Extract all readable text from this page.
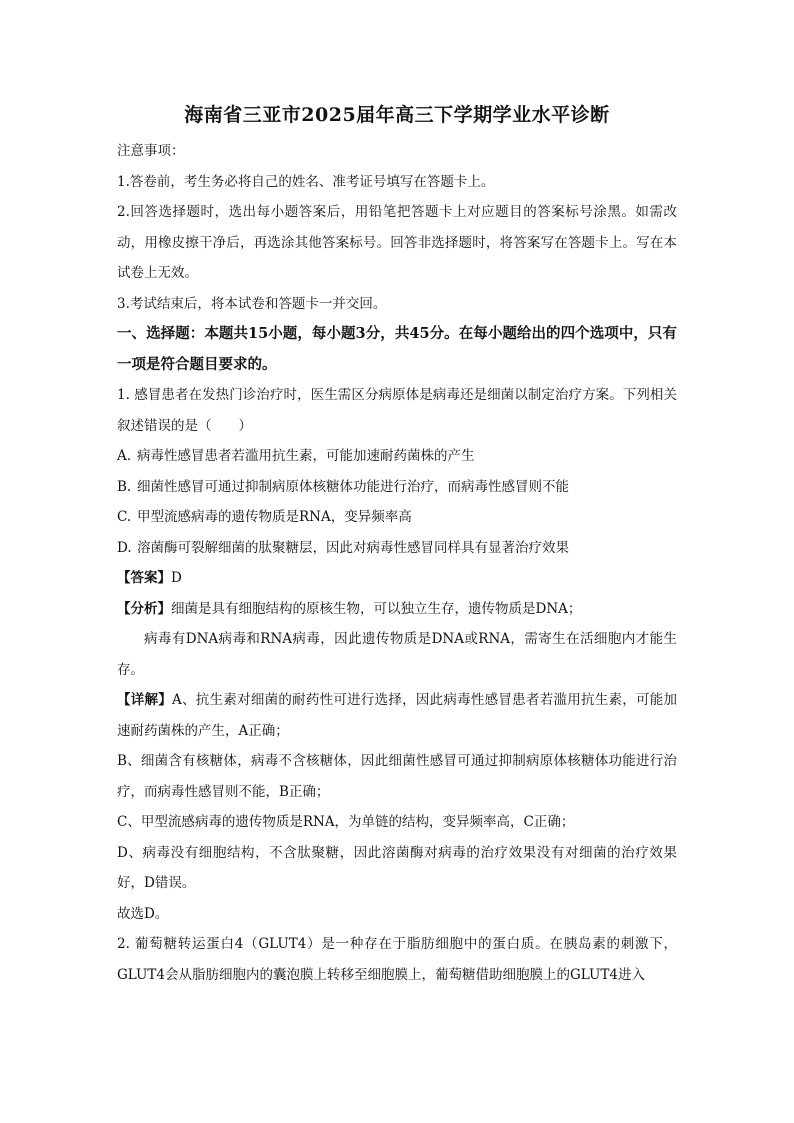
海南省三亚市2025届年高三下学期学业水平诊断
注意事项：
1.答卷前，考生务必将自己的姓名、准考证号填写在答题卡上。
2.回答选择题时，选出每小题答案后，用铅笔把答题卡上对应题目的答案标号涂黑。如需改动，用橡皮擦干净后，再选涂其他答案标号。回答非选择题时，将答案写在答题卡上。写在本试卷上无效。
3.考试结束后，将本试卷和答题卡一并交回。
一、选择题：本题共15小题，每小题3分，共45分。在每小题给出的四个选项中，只有一项是符合题目要求的。
1. 感冒患者在发热门诊治疗时，医生需区分病原体是病毒还是细菌以制定治疗方案。下列相关叙述错误的是（　　）
A. 病毒性感冒患者若滥用抗生素，可能加速耐药菌株的产生
B. 细菌性感冒可通过抑制病原体核糖体功能进行治疗，而病毒性感冒则不能
C. 甲型流感病毒的遗传物质是RNA，变异频率高
D. 溶菌酶可裂解细菌的肽聚糖层，因此对病毒性感冒同样具有显著治疗效果
【答案】D
【分析】细菌是具有细胞结构的原核生物，可以独立生存，遗传物质是DNA；
病毒有DNA病毒和RNA病毒，因此遗传物质是DNA或RNA，需寄生在活细胞内才能生存。
【详解】A、抗生素对细菌的耐药性可进行选择，因此病毒性感冒患者若滥用抗生素，可能加速耐药菌株的产生，A正确；
B、细菌含有核糖体，病毒不含核糖体，因此细菌性感冒可通过抑制病原体核糖体功能进行治疗，而病毒性感冒则不能，B正确；
C、甲型流感病毒的遗传物质是RNA，为单链的结构，变异频率高，C正确；
D、病毒没有细胞结构，不含肽聚糖，因此溶菌酶对病毒的治疗效果没有对细菌的治疗效果好，D错误。
故选D。
2. 葡萄糖转运蛋白4（GLUT4）是一种存在于脂肪细胞中的蛋白质。在胰岛素的刺激下，GLUT4会从脂肪细胞内的囊泡膜上转移至细胞膜上，葡萄糖借助细胞膜上的GLUT4进入
